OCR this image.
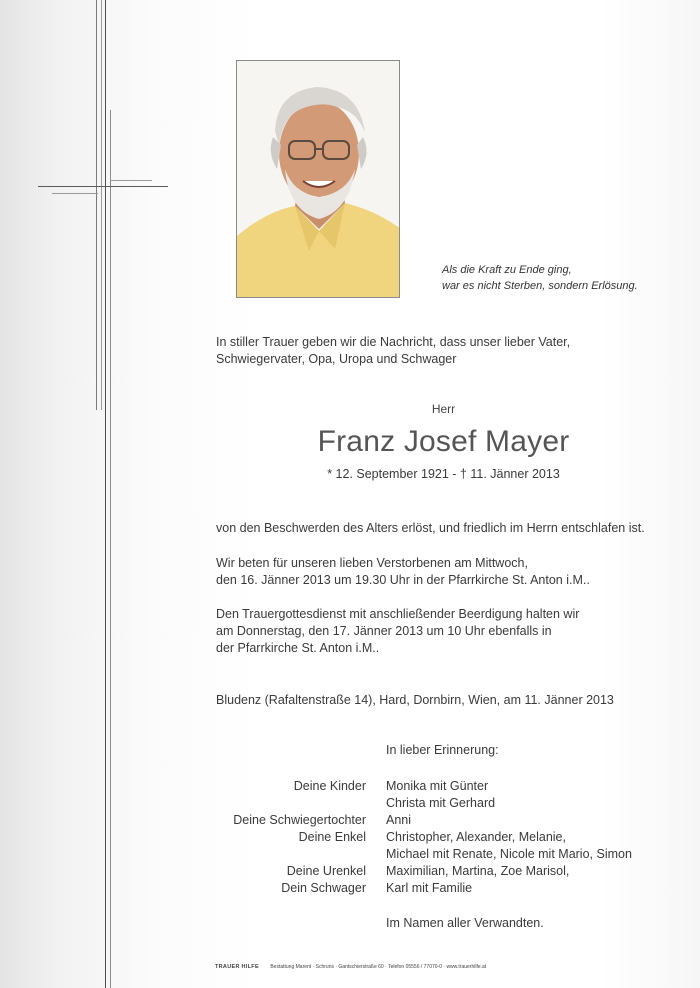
Als die Kraft zu Ende ging,
war es nicht Sterben, sondern Erlösung.
In stiller Trauer geben wir die Nachricht, dass unser lieber Vater,
Schwiegervater, Opa, Uropa und Schwager
Herr
Franz Josef Mayer
* 12. September 1921 - † 11. Jänner 2013
von den Beschwerden des Alters erlöst, und friedlich im Herrn entschlafen ist.
Wir beten für unseren lieben Verstorbenen am Mittwoch,
den 16. Jänner 2013 um 19.30 Uhr in der Pfarrkirche St. Anton i.M..
Den Trauergottesdienst mit anschließender Beerdigung halten wir
am Donnerstag, den 17. Jänner 2013 um 10 Uhr ebenfalls in
der Pfarrkirche St. Anton i.M..
Bludenz (Rafaltenstraße 14), Hard, Dornbirn, Wien, am 11. Jänner 2013
In lieber Erinnerung:
Deine Kinder Monika mit Günter
Christa mit Gerhard
Deine Schwiegertochter Anni
Deine Enkel Christopher, Alexander, Melanie,
Michael mit Renate, Nicole mit Mario, Simon
Deine Urenkel Maximilian, Martina, Zoe Marisol,
Dein Schwager Karl mit Familie
Im Namen aller Verwandten.
TRAUER HILFE Bestattung Marent · Schruns · Gantschierstraße 60 · Telefon 05556 / 77070-0 · www.trauerhilfe.at
